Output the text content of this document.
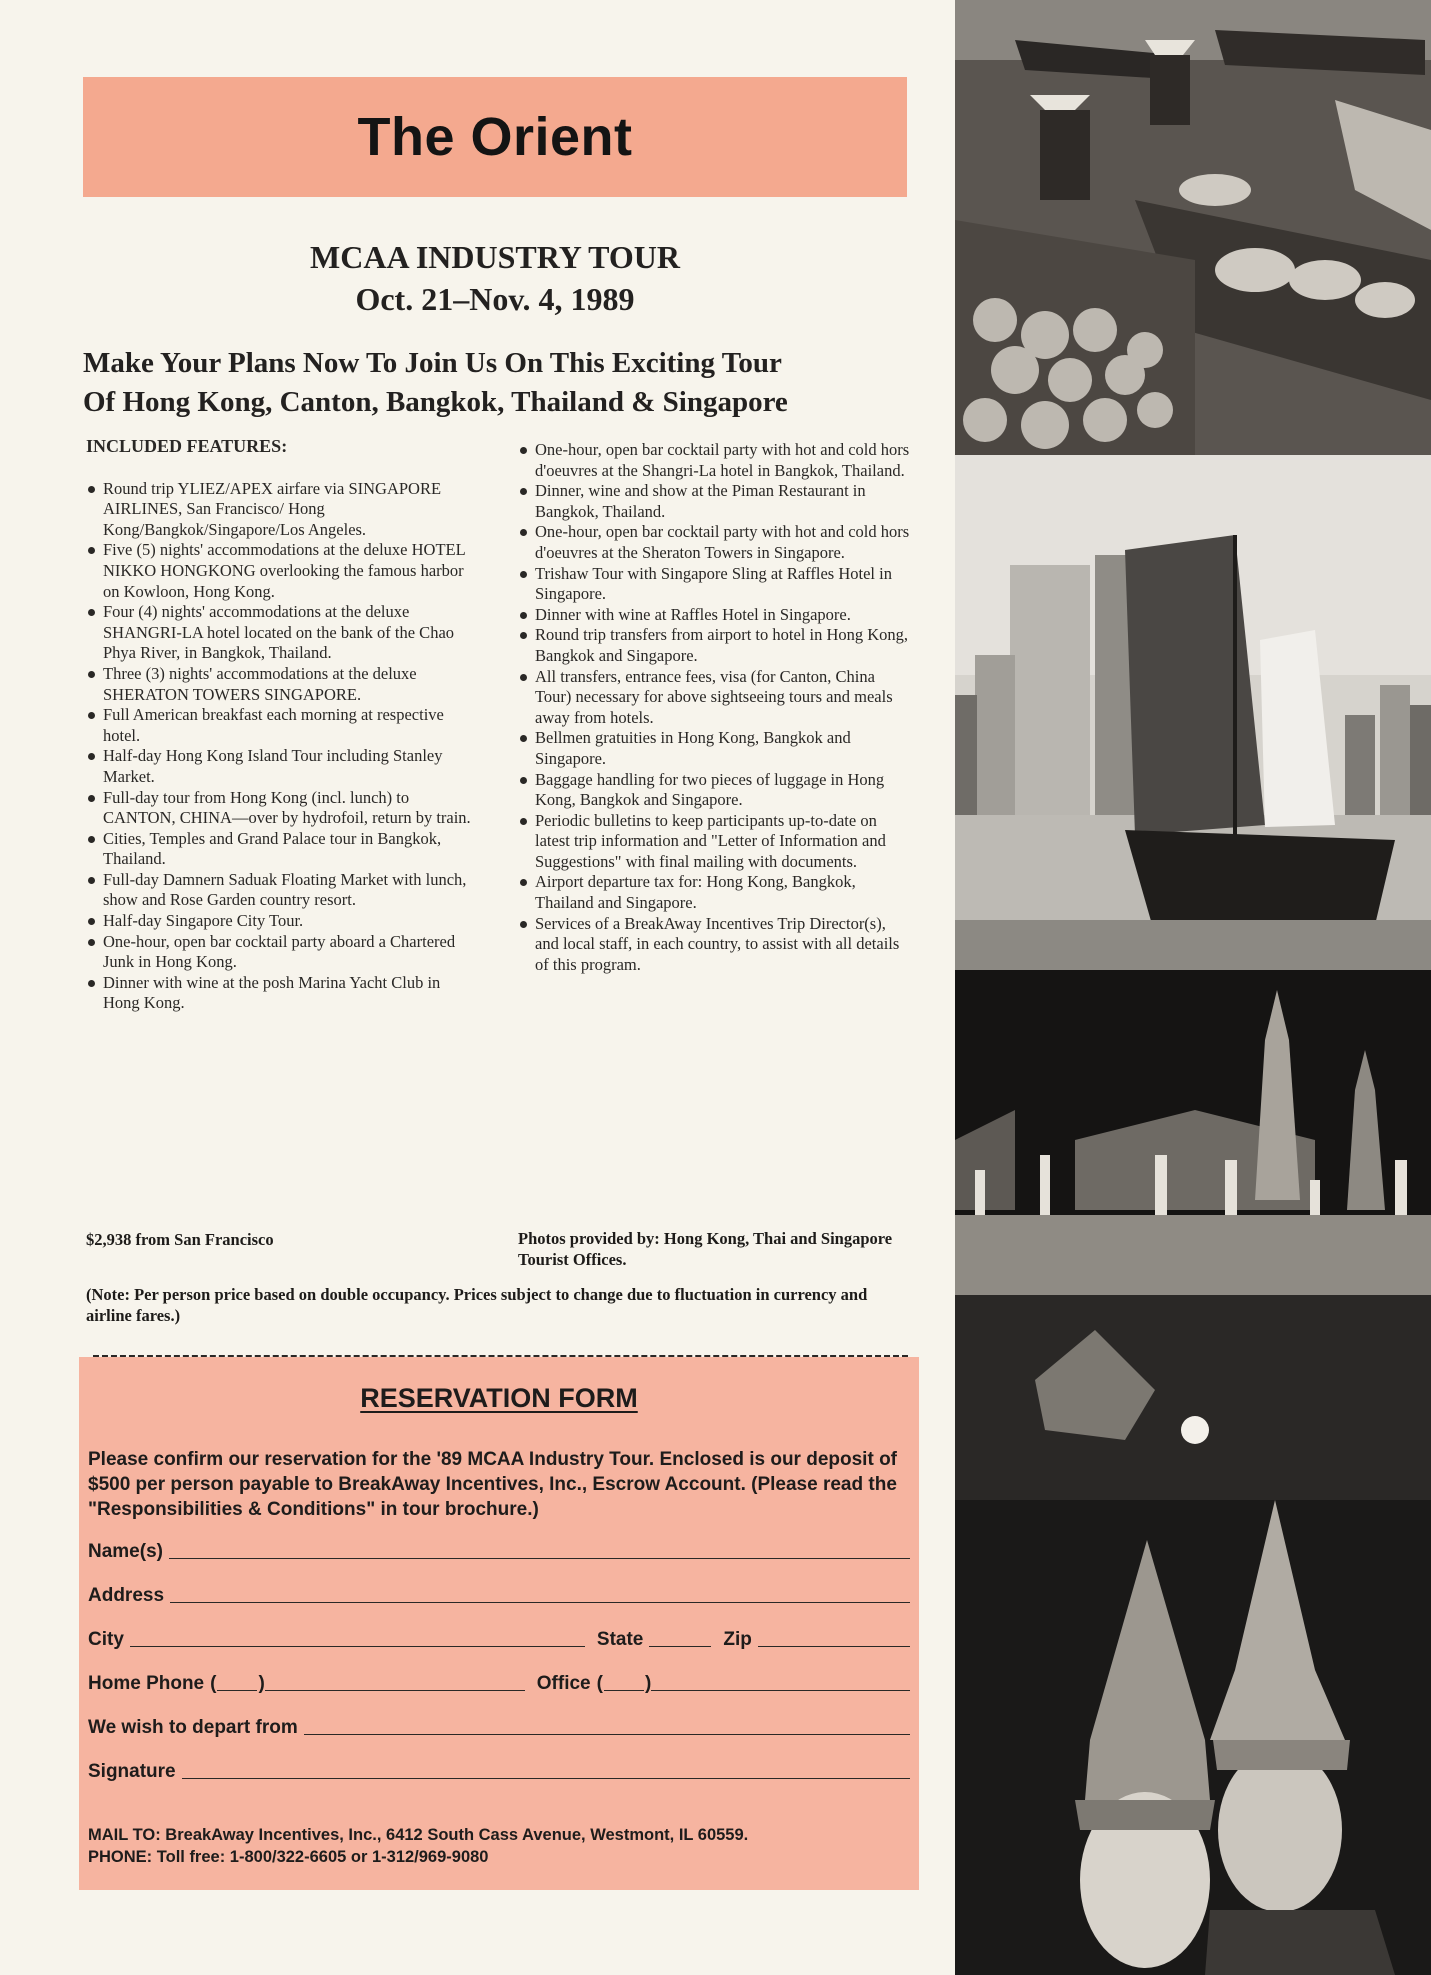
The Orient
MCAA INDUSTRY TOUR
Oct. 21–Nov. 4, 1989
Make Your Plans Now To Join Us On This Exciting Tour
Of Hong Kong, Canton, Bangkok, Thailand & Singapore
INCLUDED FEATURES:
Round trip YLIEZ/APEX airfare via SINGAPORE AIRLINES, San Francisco/ Hong Kong/Bangkok/Singapore/Los Angeles.
Five (5) nights' accommodations at the deluxe HOTEL NIKKO HONGKONG overlooking the famous harbor on Kowloon, Hong Kong.
Four (4) nights' accommodations at the deluxe SHANGRI-LA hotel located on the bank of the Chao Phya River, in Bangkok, Thailand.
Three (3) nights' accommodations at the deluxe SHERATON TOWERS SINGAPORE.
Full American breakfast each morning at respective hotel.
Half-day Hong Kong Island Tour including Stanley Market.
Full-day tour from Hong Kong (incl. lunch) to CANTON, CHINA—over by hydrofoil, return by train.
Cities, Temples and Grand Palace tour in Bangkok, Thailand.
Full-day Damnern Saduak Floating Market with lunch, show and Rose Garden country resort.
Half-day Singapore City Tour.
One-hour, open bar cocktail party aboard a Chartered Junk in Hong Kong.
Dinner with wine at the posh Marina Yacht Club in Hong Kong.
One-hour, open bar cocktail party with hot and cold hors d'oeuvres at the Shangri-La hotel in Bangkok, Thailand.
Dinner, wine and show at the Piman Restaurant in Bangkok, Thailand.
One-hour, open bar cocktail party with hot and cold hors d'oeuvres at the Sheraton Towers in Singapore.
Trishaw Tour with Singapore Sling at Raffles Hotel in Singapore.
Dinner with wine at Raffles Hotel in Singapore.
Round trip transfers from airport to hotel in Hong Kong, Bangkok and Singapore.
All transfers, entrance fees, visa (for Canton, China Tour) necessary for above sightseeing tours and meals away from hotels.
Bellmen gratuities in Hong Kong, Bangkok and Singapore.
Baggage handling for two pieces of luggage in Hong Kong, Bangkok and Singapore.
Periodic bulletins to keep participants up-to-date on latest trip information and "Letter of Information and Suggestions" with final mailing with documents.
Airport departure tax for: Hong Kong, Bangkok, Thailand and Singapore.
Services of a BreakAway Incentives Trip Director(s), and local staff, in each country, to assist with all details of this program.
$2,938 from San Francisco	Photos provided by: Hong Kong, Thai and Singapore Tourist Offices.
(Note: Per person price based on double occupancy. Prices subject to change due to fluctuation in currency and airline fares.)
RESERVATION FORM
Please confirm our reservation for the '89 MCAA Industry Tour. Enclosed is our deposit of $500 per person payable to BreakAway Incentives, Inc., Escrow Account. (Please read the "Responsibilities & Conditions" in tour brochure.)
Name(s)
Address
City	State	Zip
Home Phone ( )	Office ( )
We wish to depart from
Signature
MAIL TO: BreakAway Incentives, Inc., 6412 South Cass Avenue, Westmont, IL 60559.
PHONE: Toll free: 1-800/322-6605 or 1-312/969-9080
